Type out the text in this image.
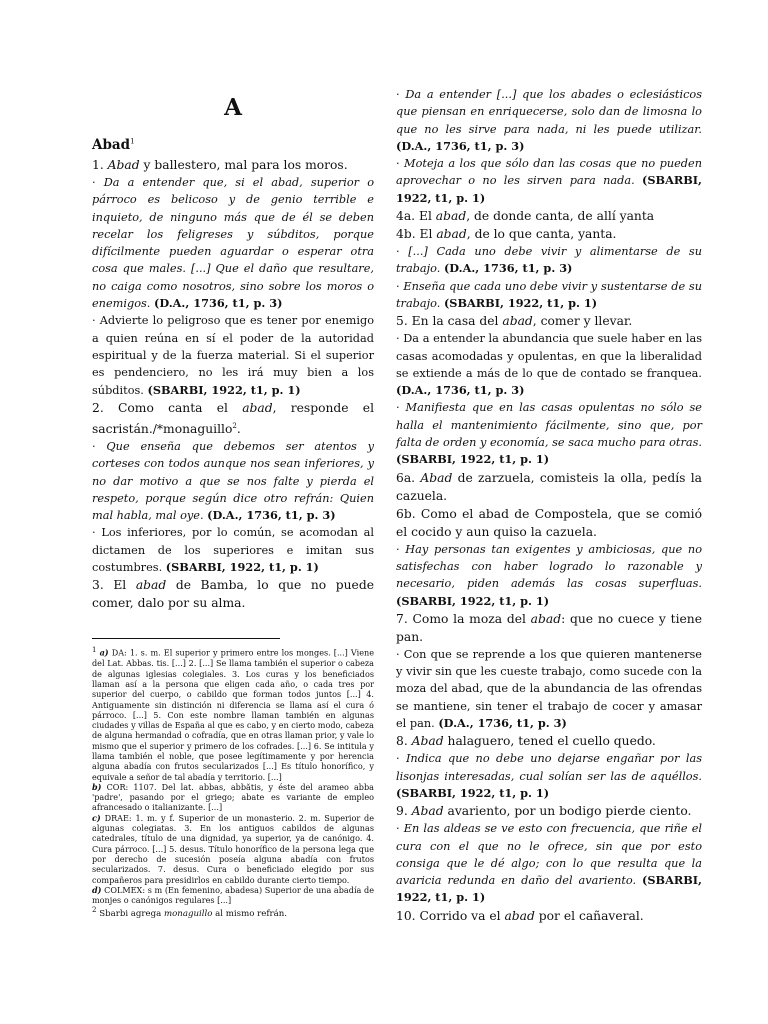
A
Abad$^1$

1. Abad y ballestero, mal para los moros.

· Da a entender que, si el abad, superior o párroco es belicoso y de genio terrible e inquieto, de ninguno más que de él se deben recelar los feligreses y súbditos, porque difícilmente pueden aguardar o esperar otra cosa que males. [...] Que el daño que resultare, no caiga como nosotros, sino sobre los moros o enemigos. (D.A., 1736, t1, p. 3)

· Advierte lo peligroso que es tener por enemigo a quien reúna en sí el poder de la autoridad espiritual y de la fuerza material. Si el superior es pendenciero, no les irá muy bien a los súbditos. (SBARBI, 1922, t1, p. 1)

2. Como canta el abad, responde el sacristán./*monaguillo$^2$.

· Que enseña que debemos ser atentos y corteses con todos aunque nos sean inferiores, y no dar motivo a que se nos falte y pierda el respeto, porque según dice otro refrán: Quien mal habla, mal oye. (D.A., 1736, t1, p. 3)

· Los inferiores, por lo común, se acomodan al dictamen de los superiores e imitan sus costumbres. (SBARBI, 1922, t1, p. 1)

3. El abad de Bamba, lo que no puede comer, dalo por su alma.

1 a) DA: 1. s. m. El superior y primero entre los monges. [...] Viene del Lat. Abbas. tis. [...] 2. [...] Se llama también el superior o cabeza de algunas iglesias colegiales. 3. Los curas y los beneficiados llaman así a la persona que eligen cada año, o cada tres por superior del cuerpo, o cabildo que forman todos juntos [...] 4. Antiguamente sin distinción ni diferencia se llama así el cura ó párroco. [...] 5. Con este nombre llaman también en algunas ciudades y villas de España al que es cabo, y en cierto modo, cabeza de alguna hermandad o cofradía, que en otras llaman prior, y vale lo mismo que el superior y primero de los cofrades. [...] 6. Se intitula y llama también el noble, que posee legítimamente y por herencia alguna abadía con frutos secularizados [...] Es título honorífico, y equivale a señor de tal abadía y territorio. [...]

b) COR: 1107. Del lat. abbas, abbătis, y éste del arameo abba 'padre', pasando por el griego; abate es variante de empleo afrancesado o italianizante. [...]

c) DRAE: 1. m. y f. Superior de un monasterio. 2. m. Superior de algunas colegiatas. 3. En los antiguos cabildos de algunas catedrales, título de una dignidad, ya superior, ya de canónigo. 4. Cura párroco. [...] 5. desus. Título honorífico de la persona lega que por derecho de sucesión poseía alguna abadía con frutos secularizados. 7. desus. Cura o beneficiado elegido por sus compañeros para presidirlos en cabildo durante cierto tiempo.

d) COLMEX: s m (En femenino, abadesa) Superior de una abadía de monjes o canónigos regulares [...]

$^2$ Sbarbi agrega monaguillo al mismo refrán.

· Da a entender [...] que los abades o eclesiásticos que piensan en enriquecerse, solo dan de limosna lo que no les sirve para nada, ni les puede utilizar. (D.A., 1736, t1, p. 3)

· Moteja a los que sólo dan las cosas que no pueden aprovechar o no les sirven para nada. (SBARBI, 1922, t1, p. 1)

4a. El abad, de donde canta, de allí yanta

4b. El abad, de lo que canta, yanta.

· [...] Cada uno debe vivir y alimentarse de su trabajo. (D.A., 1736, t1, p. 3)

· Enseña que cada uno debe vivir y sustentarse de su trabajo. (SBARBI, 1922, t1, p. 1)

5. En la casa del abad, comer y llevar.

· Da a entender la abundancia que suele haber en las casas acomodadas y opulentas, en que la liberalidad se extiende a más de lo que de contado se franquea. (D.A., 1736, t1, p. 3)

· Manifiesta que en las casas opulentas no sólo se halla el mantenimiento fácilmente, sino que, por falta de orden y economía, se saca mucho para otras. (SBARBI, 1922, t1, p. 1)

6a. Abad de zarzuela, comisteis la olla, pedís la cazuela.

6b. Como el abad de Compostela, que se comió el cocido y aun quiso la cazuela.

· Hay personas tan exigentes y ambiciosas, que no satisfechas con haber logrado lo razonable y necesario, piden además las cosas superfluas. (SBARBI, 1922, t1, p. 1)

7. Como la moza del abad: que no cuece y tiene pan.

· Con que se reprende a los que quieren mantenerse y vivir sin que les cueste trabajo, como sucede con la moza del abad, que de la abundancia de las ofrendas se mantiene, sin tener el trabajo de cocer y amasar el pan. (D.A., 1736, t1, p. 3)

8. Abad halaguero, tened el cuello quedo.

· Indica que no debe uno dejarse engañar por las lisonjas interesadas, cual solían ser las de aquéllos. (SBARBI, 1922, t1, p. 1)

9. Abad avariento, por un bodigo pierde ciento.

· En las aldeas se ve esto con frecuencia, que riñe el cura con el que no le ofrece, sin que por esto consiga que le dé algo; con lo que resulta que la avaricia redunda en daño del avariento. (SBARBI, 1922, t1, p. 1)

10. Corrido va el abad por el cañaveral.
